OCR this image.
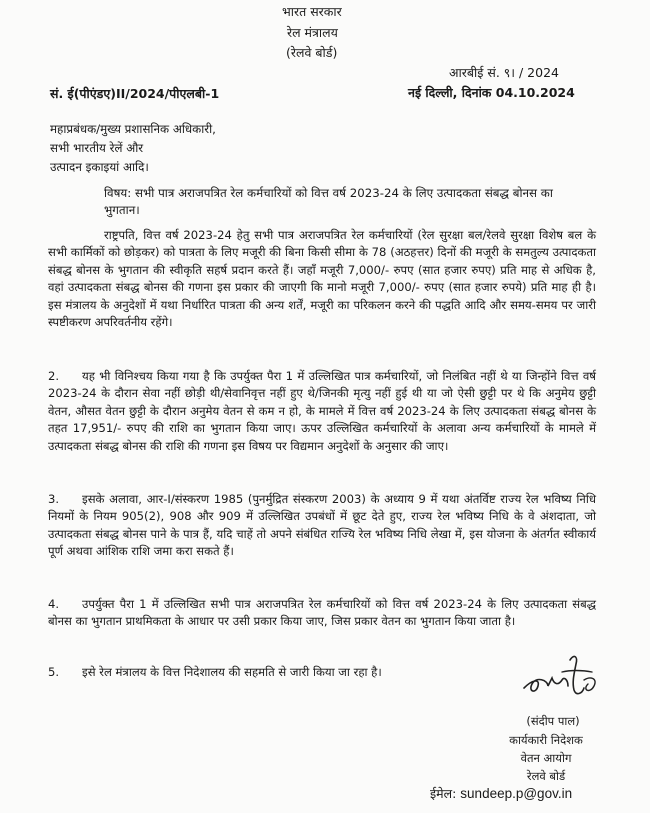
भारत सरकार
रेल मंत्रालय
(रेलवे बोर्ड)
आरबीई सं. ९। / 2024
नई दिल्ली, दिनांक 04.10.2024
सं. ई(पीएंडए)II/2024/पीएलबी-1
महाप्रबंधक/मुख्य प्रशासनिक अधिकारी,
सभी भारतीय रेलें और
उत्पादन इकाइयां आदि।
विषय: सभी पात्र अराजपत्रित रेल कर्मचारियों को वित्त वर्ष 2023-24 के लिए उत्पादकता संबद्ध बोनस का भुगतान।
राष्ट्रपति, वित्त वर्ष 2023-24 हेतु सभी पात्र अराजपत्रित रेल कर्मचारियों (रेल सुरक्षा बल/रेलवे सुरक्षा विशेष बल के सभी कार्मिकों को छोड़कर) को पात्रता के लिए मजूरी की बिना किसी सीमा के 78 (अठहत्तर) दिनों की मजूरी के समतुल्य उत्पादकता संबद्ध बोनस के भुगतान की स्वीकृति सहर्ष प्रदान करते हैं। जहाँ मजूरी 7,000/- रुपए (सात हजार रुपए) प्रति माह से अधिक है, वहां उत्पादकता संबद्ध बोनस की गणना इस प्रकार की जाएगी कि मानो मजूरी 7,000/- रुपए (सात हजार रुपये) प्रति माह ही है। इस मंत्रालय के अनुदेशों में यथा निर्धारित पात्रता की अन्य शर्तें, मजूरी का परिकलन करने की पद्धति आदि और समय-समय पर जारी स्पष्टीकरण अपरिवर्तनीय रहेंगे।
2. यह भी विनिश्चय किया गया है कि उपर्युक्त पैरा 1 में उल्लिखित पात्र कर्मचारियों, जो निलंबित नहीं थे या जिन्होंने वित्त वर्ष 2023-24 के दौरान सेवा नहीं छोड़ी थी/सेवानिवृत्त नहीं हुए थे/जिनकी मृत्यु नहीं हुई थी या जो ऐसी छुट्टी पर थे कि अनुमेय छुट्टी वेतन, औसत वेतन छुट्टी के दौरान अनुमेय वेतन से कम न हो, के मामले में वित्त वर्ष 2023-24 के लिए उत्पादकता संबद्ध बोनस के तहत 17,951/- रुपए की राशि का भुगतान किया जाए। ऊपर उल्लिखित कर्मचारियों के अलावा अन्य कर्मचारियों के मामले में उत्पादकता संबद्ध बोनस की राशि की गणना इस विषय पर विद्यमान अनुदेशों के अनुसार की जाए।
3. इसके अलावा, आर-I/संस्करण 1985 (पुनर्मुद्रित संस्करण 2003) के अध्याय 9 में यथा अंतर्विष्ट राज्य रेल भविष्य निधि नियमों के नियम 905(2), 908 और 909 में उल्लिखित उपबंधों में छूट देते हुए, राज्य रेल भविष्य निधि के वे अंशदाता, जो उत्पादकता संबद्ध बोनस पाने के पात्र हैं, यदि चाहें तो अपने संबंधित राज्यि रेल भविष्य निधि लेखा में, इस योजना के अंतर्गत स्वीकार्य पूर्ण अथवा आंशिक राशि जमा करा सकते हैं।
4. उपर्युक्त पैरा 1 में उल्लिखित सभी पात्र अराजपत्रित रेल कर्मचारियों को वित्त वर्ष 2023-24 के लिए उत्पादकता संबद्ध बोनस का भुगतान प्राथमिकता के आधार पर उसी प्रकार किया जाए, जिस प्रकार वेतन का भुगतान किया जाता है।
5. इसे रेल मंत्रालय के वित्त निदेशालय की सहमति से जारी किया जा रहा है।
(संदीप पाल)
कार्यकारी निदेशक
वेतन आयोग
रेलवे बोर्ड
ईमेल: sundeep.p@gov.in
